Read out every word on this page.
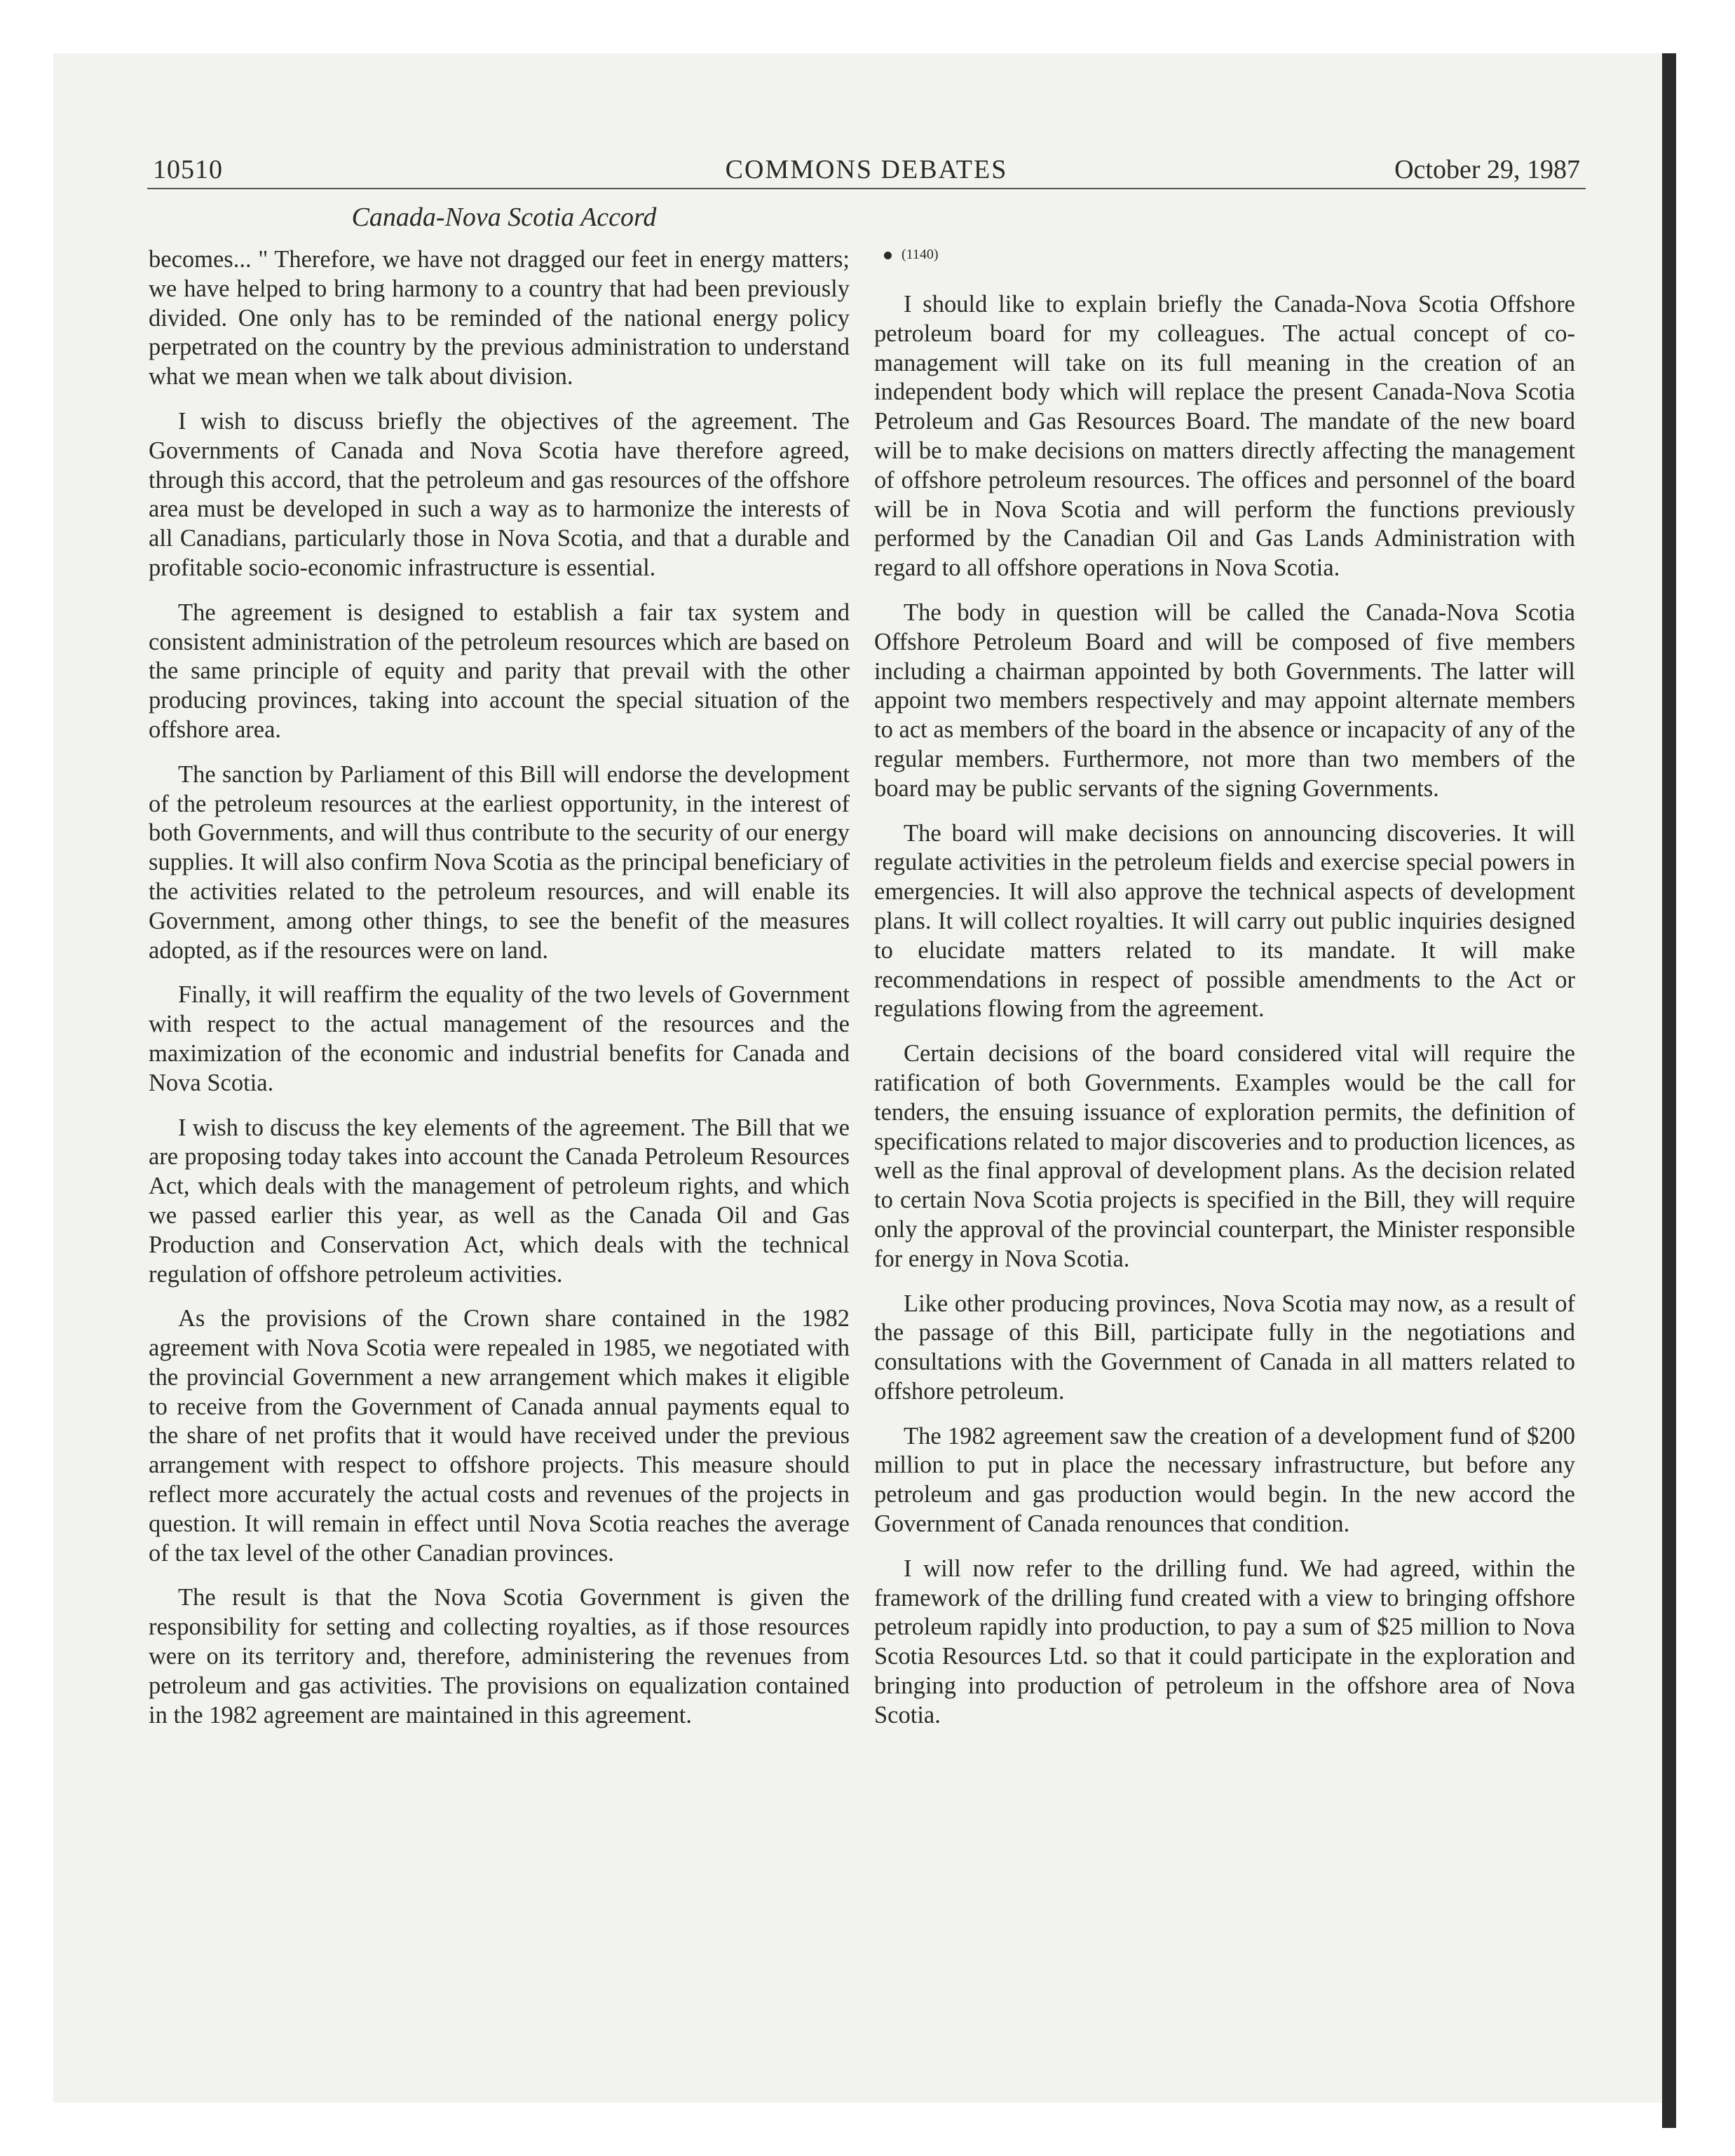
10510	COMMONS DEBATES	October 29, 1987
Canada-Nova Scotia Accord

becomes... " Therefore, we have not dragged our feet in energy matters; we have helped to bring harmony to a country that had been previously divided. One only has to be reminded of the national energy policy perpetrated on the country by the previous administration to understand what we mean when we talk about division.

I wish to discuss briefly the objectives of the agreement. The Governments of Canada and Nova Scotia have therefore agreed, through this accord, that the petroleum and gas resources of the offshore area must be developed in such a way as to harmonize the interests of all Canadians, particularly those in Nova Scotia, and that a durable and profitable socio-economic infrastructure is essential.

The agreement is designed to establish a fair tax system and consistent administration of the petroleum resources which are based on the same principle of equity and parity that prevail with the other producing provinces, taking into account the special situation of the offshore area.

The sanction by Parliament of this Bill will endorse the development of the petroleum resources at the earliest opportunity, in the interest of both Governments, and will thus contribute to the security of our energy supplies. It will also confirm Nova Scotia as the principal beneficiary of the activities related to the petroleum resources, and will enable its Government, among other things, to see the benefit of the measures adopted, as if the resources were on land.

Finally, it will reaffirm the equality of the two levels of Government with respect to the actual management of the resources and the maximization of the economic and industrial benefits for Canada and Nova Scotia.

I wish to discuss the key elements of the agreement. The Bill that we are proposing today takes into account the Canada Petroleum Resources Act, which deals with the management of petroleum rights, and which we passed earlier this year, as well as the Canada Oil and Gas Production and Conservation Act, which deals with the technical regulation of offshore petroleum activities.

As the provisions of the Crown share contained in the 1982 agreement with Nova Scotia were repealed in 1985, we negotiated with the provincial Government a new arrangement which makes it eligible to receive from the Government of Canada annual payments equal to the share of net profits that it would have received under the previous arrangement with respect to offshore projects. This measure should reflect more accurately the actual costs and revenues of the projects in question. It will remain in effect until Nova Scotia reaches the average of the tax level of the other Canadian provinces.

The result is that the Nova Scotia Government is given the responsibility for setting and collecting royalties, as if those resources were on its territory and, therefore, administering the revenues from petroleum and gas activities. The provisions on equalization contained in the 1982 agreement are maintained in this agreement.

(1140)

I should like to explain briefly the Canada-Nova Scotia Offshore petroleum board for my colleagues. The actual concept of co-management will take on its full meaning in the creation of an independent body which will replace the present Canada-Nova Scotia Petroleum and Gas Resources Board. The mandate of the new board will be to make decisions on matters directly affecting the management of offshore petroleum resources. The offices and personnel of the board will be in Nova Scotia and will perform the functions previously performed by the Canadian Oil and Gas Lands Administration with regard to all offshore operations in Nova Scotia.

The body in question will be called the Canada-Nova Scotia Offshore Petroleum Board and will be composed of five members including a chairman appointed by both Governments. The latter will appoint two members respectively and may appoint alternate members to act as members of the board in the absence or incapacity of any of the regular members. Furthermore, not more than two members of the board may be public servants of the signing Governments.

The board will make decisions on announcing discoveries. It will regulate activities in the petroleum fields and exercise special powers in emergencies. It will also approve the technical aspects of development plans. It will collect royalties. It will carry out public inquiries designed to elucidate matters related to its mandate. It will make recommendations in respect of possible amendments to the Act or regulations flowing from the agreement.

Certain decisions of the board considered vital will require the ratification of both Governments. Examples would be the call for tenders, the ensuing issuance of exploration permits, the definition of specifications related to major discoveries and to production licences, as well as the final approval of development plans. As the decision related to certain Nova Scotia projects is specified in the Bill, they will require only the approval of the provincial counterpart, the Minister responsible for energy in Nova Scotia.

Like other producing provinces, Nova Scotia may now, as a result of the passage of this Bill, participate fully in the negotiations and consultations with the Government of Canada in all matters related to offshore petroleum.

The 1982 agreement saw the creation of a development fund of $200 million to put in place the necessary infrastructure, but before any petroleum and gas production would begin. In the new accord the Government of Canada renounces that condition.

I will now refer to the drilling fund. We had agreed, within the framework of the drilling fund created with a view to bringing offshore petroleum rapidly into production, to pay a sum of $25 million to Nova Scotia Resources Ltd. so that it could participate in the exploration and bringing into production of petroleum in the offshore area of Nova Scotia.
